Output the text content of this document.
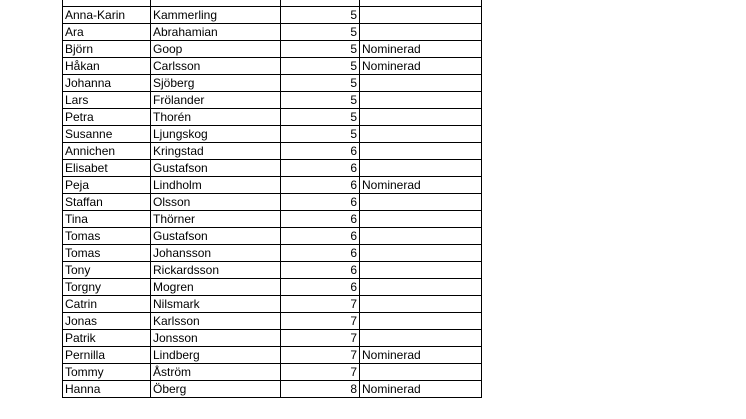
Anna-Karin	Kammerling	5	
Ara	Abrahamian	5	
Björn	Goop	5	Nominerad
Håkan	Carlsson	5	Nominerad
Johanna	Sjöberg	5	
Lars	Frölander	5	
Petra	Thorén	5	
Susanne	Ljungskog	5	
Annichen	Kringstad	6	
Elisabet	Gustafson	6	
Peja	Lindholm	6	Nominerad
Staffan	Olsson	6	
Tina	Thörner	6	
Tomas	Gustafson	6	
Tomas	Johansson	6	
Tony	Rickardsson	6	
Torgny	Mogren	6	
Catrin	Nilsmark	7	
Jonas	Karlsson	7	
Patrik	Jonsson	7	
Pernilla	Lindberg	7	Nominerad
Tommy	Åström	7	
Hanna	Öberg	8	Nominerad
